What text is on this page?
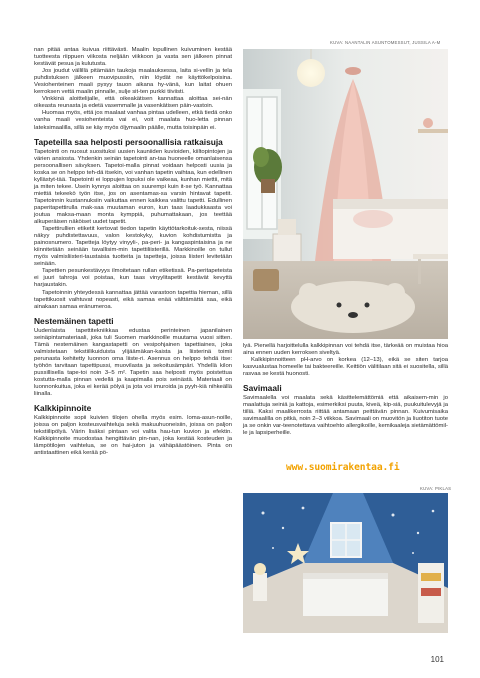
nan pitää antaa kuivua riittävästi. Maalin lopullinen kuivuminen kestää tuotteesta riippuen viikosta neljään viikkoon ja vasta sen jälkeen pinnat kestävät pesua ja kulutusta.

Jos joudut vällillä pitämään taukoja maalauksessa, laita si-vellin ja tela puhdistuksen jälkeen muovipussiin, niin löydät ne käyttökelpoisina. Vesiohenteinen maali pysyy tauon aikana hy-vänä, kun laitat ohuen kerroksen vettä maalin pinnalle, sulje sit-ten purkki tiiviisti.

Vinkkinä aloittelijalle, että oikeakätisen kannattaa aloittaa sei-nän oikeasta reunasta ja edetä vasemmalle ja vasenkätisen päin-vastoin.

Huomaa myös, että jos maalaat vanhaa pintaa udelleen, etkä tiedä onko vanha maali vesiohenteista vai ei, voit maalata huo-letta pinnan lateksimaalilla, sillä se käy myös öljymaalin päälle, mutta toisinpäin ei.

Tapeteilla saa helposti persoonallisia ratkaisuja

Tapetointi on nuosut suosituksi uusien kauniiden kuvioiden, kiiltopintojen ja värien ansiosta. Yhdenkin seinän tapetointi an-taa huoneelle omanlaisensa persoonallisen sävyksen. Tapetoi-malla pinnat voidaan helposti uusia ja koska se on helppo teh-dä itsekin, voi vanhan tapetin vaihtaa, kun edellinen kyllästyt-tää. Tapetointi ei loppujen lopuksi ole vaikeaa, kunhan miettii, mitä ja miten tekee. Usein kynnys aloittaa on suurempi kuin it-se työ. Kannattaa miettiä tekeekö työn itse, jos on asentamas-sa varsin hintavat tapetit. Tapetoinnin kustannuksiin vaikuttaa ennen kaikkea valittu tapetti. Edullinen paperitapettirulla mak-saa muutaman euron, kun taas laadukkaasta voi joutua maksa-maan monta kymppiä, puhumattakaan, jos teettää alkuperäisen näköiset uudet tapetit.

Tapettirullien etiketit kertovat tiedon tapetin käyttötarkoituk-sesta, niissä näkyy puhdistettavuus, valon kestokyky, kuvion kohdistumistta ja painosnumero. Tapetteja löytyy vinyyli-, pa-peri- ja kangaspintaisina ja ne kiinnitetään seinään tavallisim-min tapettiliisterillä. Markkinoille on tullut myös valmisliisteri-taustaisia tuotteita ja tapetteja, joissa liisteri levitetään seinään.

Tapettien pesunkestävyys ilmoitetaan rullan etiketissä. Pa-peritapeteista ei juuri tahroja voi poistaa, kun taas vinyylitapetit kestävät kevyttä harjaustakin.

Tapetoinnin yhteydessä kannattaa jättää varastoon tapettia hieman, sillä tapettikuosit vaihtuvat nopeasti, eikä samaa enää välttämättä saa, eikä ainakaan samaa eränumeroa.

Nestemäinen tapetti

Uudenlaista tapettitekniikkaa edustaa perinteinen japanilainen seinäpintamateriaali, joka tuli Suomen markkinoille muutama vuosi sitten. Tämä nestemäinen kangastapetti on vesipohjainen tapettiaines, joka valmistetaan tekstiilikuiduista ylijäämäkan-kaista ja liisterinä toimii perunasta kehitetty luonnon oma liiste-ri. Asennus on helppo tehdä itse: työhön tarvitaan tapettipussi, muovilasta ja sekoitusämpäri. Yhdellä kilon pussillisella tape-toi noin 3–5 m². Tapetin saa helposti myös poistettua kostutta-malla pinnan vedellä ja kaapimalla pois seinästä. Materiaali on luonnonkuitua, joka ei kerää pölyä ja jota voi imuroida ja pyyh-kiä nihkeällä liinalla.

Kalkkipinnoite

Kalkkipinnoite sopii kuivien tilojen ohella myös esim. loma-asun-noille, joissa on paljon kosteusvaihteluja sekä makuuhuoneisiin, joissa on paljon tekstiilipölyä. Värin lisäksi pintaan voi valita hau-tun kuvion ja efektin. Kalkkipinnoite muodostaa hengittävän pin-nan, joka kestää kosteuden ja lämpötilojen vaihtelua, se on hai-juton ja vähäpäästöinen. Pinta on antistaattinen eikä kerää pö-

KUVA: NAANTALIN ASUNTOMESSUT, JUSSILA A-M

lyä. Pienellä harjoittelulla kalkkipinnan voi tehdä itse, tärkeää on muistaa hioa aina ennen uuden kerroksen siveltyä.

Kalkkipinnoitteen pH-arvo on korkea (12–13), eikä se siten tarjoa kasvualustaa homeelle tai bakteereille. Keittiön välitilaan sitä ei suositella, sillä rasvaa se kestä huonosti.

Savimaali

Savimaalella voi maalata sekä käsittelemättömiä että aikaisem-min jo maalattuja seiniä ja kattoja, esimerkiksi puuta, kiveä, kip-siä, puukuitulevyjä ja tiiliä. Kaksi maalikerrosta riittää antamaan peittävän pinnan. Kuivumisaika savimaalilla on pitkä, noin 2–3 viikkoa. Savimaali on muovitön ja liuotiton tuote ja se onkin var-teenotettava vaihtoehto allergikoille, kemikaaleja sietämättömil-le ja lapsiperheille.

www.suomirakentaa.fi
KUVA: PIKLAS
101
